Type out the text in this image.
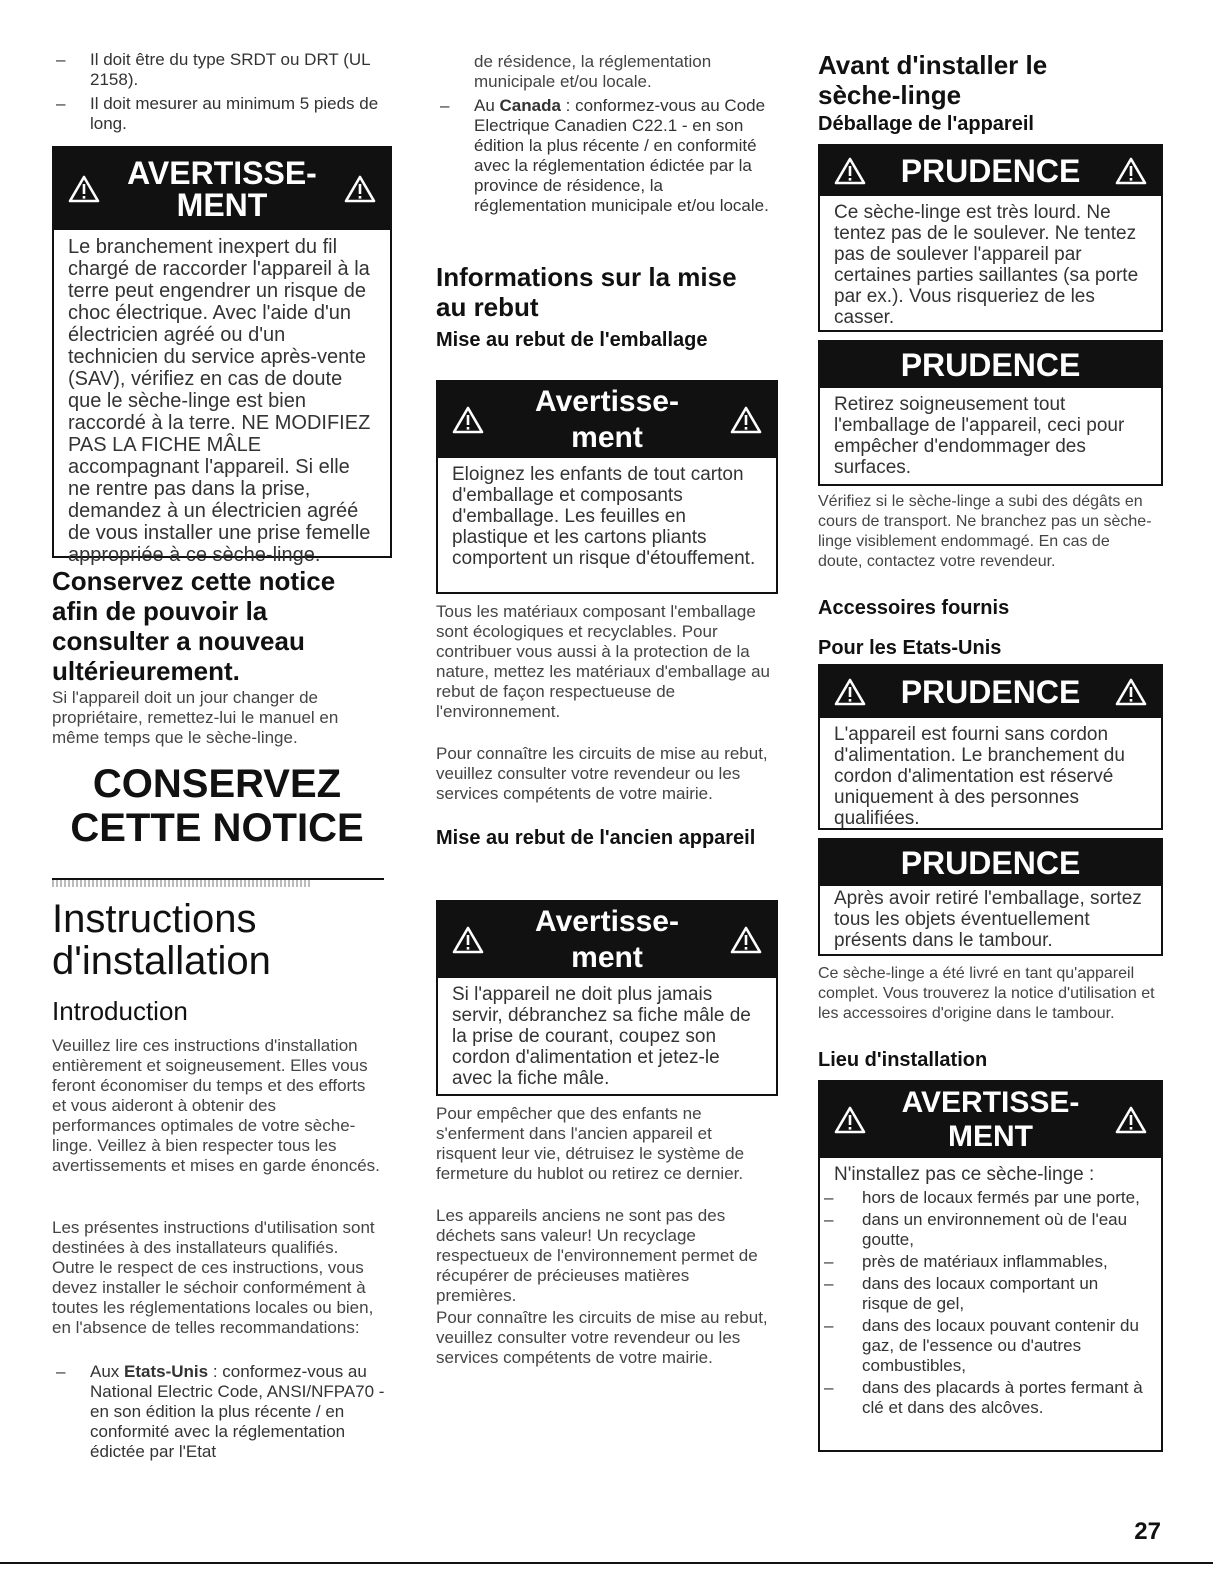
– Il doit être du type SRDT ou DRT (UL 2158).
– Il doit mesurer au minimum 5 pieds de long.
AVERTISSE-
MENT

Le branchement inexpert du fil chargé de raccorder l'appareil à la terre peut engendrer un risque de choc électrique. Avec l'aide d'un électricien agréé ou d'un technicien du service après-vente (SAV), vérifiez en cas de doute que le sèche-linge est bien raccordé à la terre. NE MODIFIEZ PAS LA FICHE MÂLE accompagnant l'appareil. Si elle ne rentre pas dans la prise, demandez à un électricien agréé de vous installer une prise femelle appropriée à ce sèche-linge.

Conservez cette notice afin de pouvoir la consulter a nouveau ultérieurement.

Si l'appareil doit un jour changer de propriétaire, remettez-lui le manuel en même temps que le sèche-linge.

CONSERVEZ
CETTE NOTICE
Instructions
d'installation
Introduction

Veuillez lire ces instructions d'installation entièrement et soigneusement. Elles vous feront économiser du temps et des efforts et vous aideront à obtenir des performances optimales de votre sèche-linge. Veillez à bien respecter tous les avertissements et mises en garde énoncés.

Les présentes instructions d'utilisation sont destinées à des installateurs qualifiés. Outre le respect de ces instructions, vous devez installer le séchoir conformément à toutes les réglementations locales ou bien, en l'absence de telles recommandations:

– Aux Etats-Unis : conformez-vous au National Electric Code, ANSI/NFPA70 - en son édition la plus récente / en conformité avec la réglementation édictée par l'Etat

de résidence, la réglementation municipale et/ou locale.

– Au Canada : conformez-vous au Code Electrique Canadien C22.1 - en son édition la plus récente / en conformité avec la réglementation édictée par la province de résidence, la réglementation municipale et/ou locale.
Informations sur la mise au rebut
Mise au rebut de l'emballage
Avertisse-
ment

Eloignez les enfants de tout carton d'emballage et composants d'emballage. Les feuilles en plastique et les cartons pliants comportent un risque d'étouffement.

Tous les matériaux composant l'emballage sont écologiques et recyclables. Pour contribuer vous aussi à la protection de la nature, mettez les matériaux d'emballage au rebut de façon respectueuse de l'environnement.

Pour connaître les circuits de mise au rebut, veuillez consulter votre revendeur ou les services compétents de votre mairie.

Mise au rebut de l'ancien appareil
Avertisse-
ment

Si l'appareil ne doit plus jamais servir, débranchez sa fiche mâle de la prise de courant, coupez son cordon d'alimentation et jetez-le avec la fiche mâle.

Pour empêcher que des enfants ne s'enferment dans l'ancien appareil et risquent leur vie, détruisez le système de fermeture du hublot ou retirez ce dernier.

Les appareils anciens ne sont pas des déchets sans valeur! Un recyclage respectueux de l'environnement permet de récupérer de précieuses matières premières.

Pour connaître les circuits de mise au rebut, veuillez consulter votre revendeur ou les services compétents de votre mairie.

Avant d'installer le sèche-linge
Déballage de l'appareil
PRUDENCE

Ce sèche-linge est très lourd. Ne tentez pas de le soulever. Ne tentez pas de soulever l'appareil par certaines parties saillantes (sa porte par ex.). Vous risqueriez de les casser.

PRUDENCE

Retirez soigneusement tout l'emballage de l'appareil, ceci pour empêcher d'endommager des surfaces.

Vérifiez si le sèche-linge a subi des dégâts en cours de transport. Ne branchez pas un sèche-linge visiblement endommagé. En cas de doute, contactez votre revendeur.

Accessoires fournis
Pour les Etats-Unis
PRUDENCE

L'appareil est fourni sans cordon d'alimentation. Le branchement du cordon d'alimentation est réservé uniquement à des personnes qualifiées.

PRUDENCE

Après avoir retiré l'emballage, sortez tous les objets éventuellement présents dans le tambour.

Ce sèche-linge a été livré en tant qu'appareil complet. Vous trouverez la notice d'utilisation et les accessoires d'origine dans le tambour.

Lieu d'installation
AVERTISSE-
MENT

N'installez pas ce sèche-linge :

– hors de locaux fermés par une porte,
– dans un environnement où de l'eau goutte,
– près de matériaux inflammables,
– dans des locaux comportant un risque de gel,
– dans des locaux pouvant contenir du gaz, de l'essence ou d'autres combustibles,
– dans des placards à portes fermant à clé et dans des alcôves.
27
